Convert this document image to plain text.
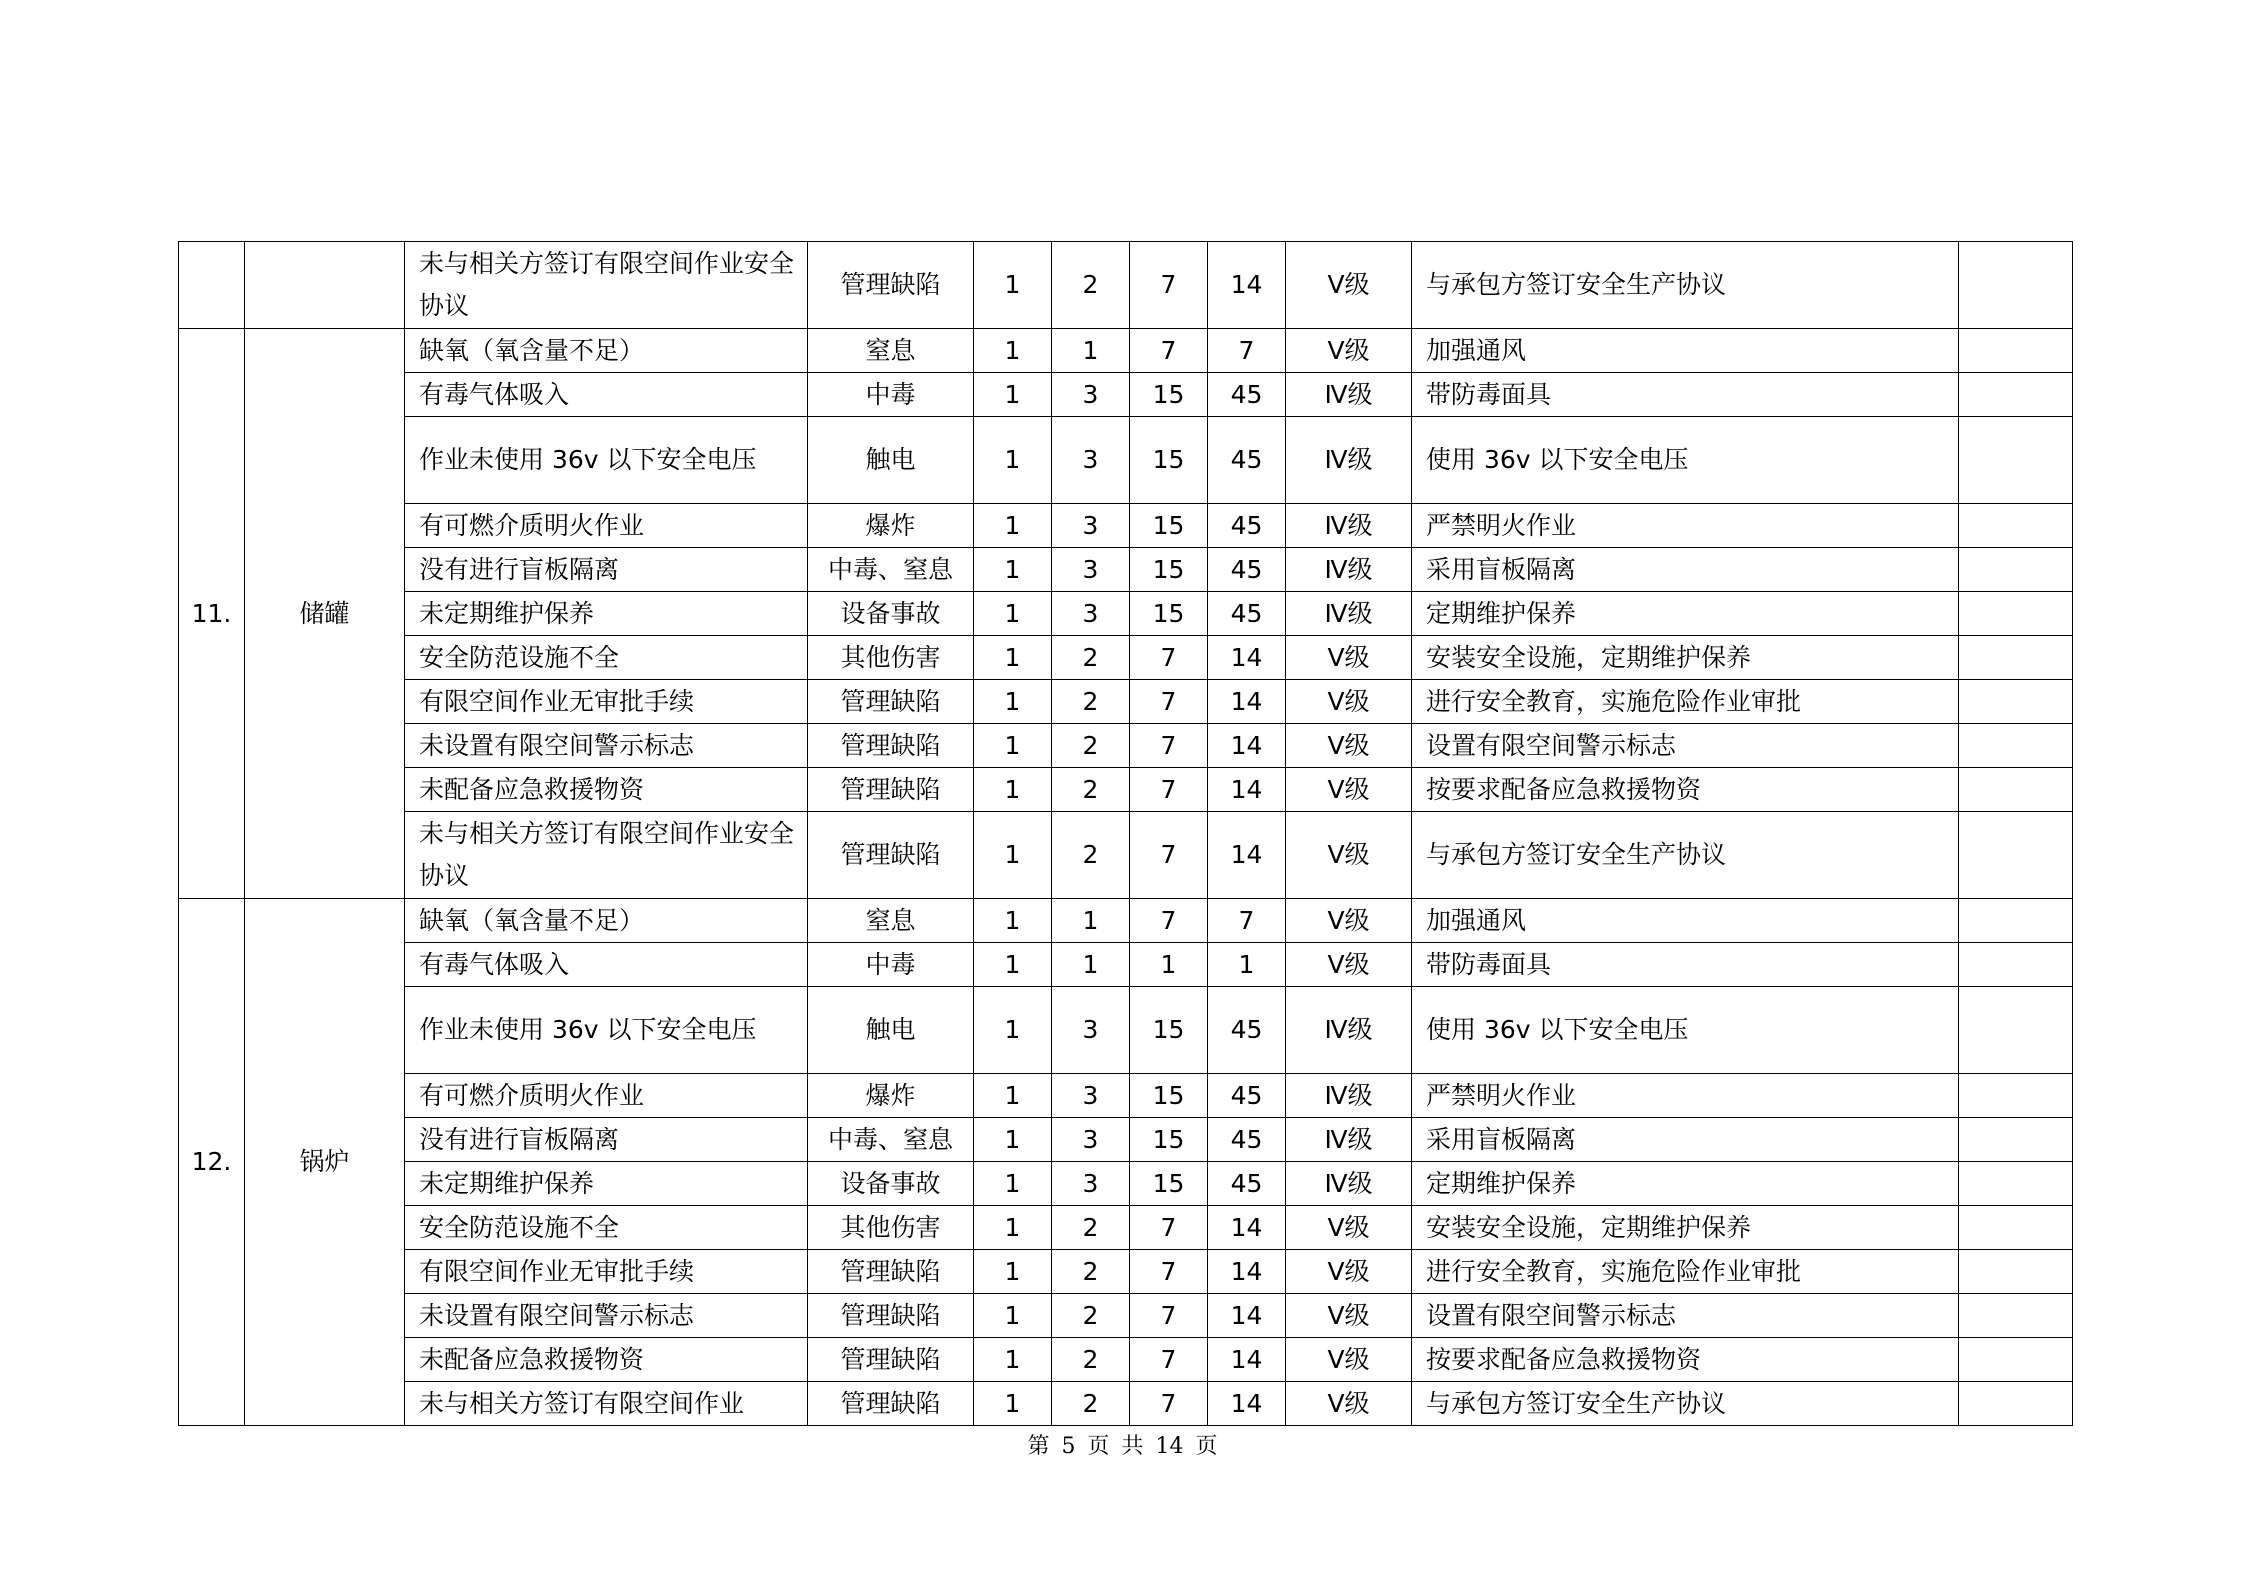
		未与相关方签订有限空间作业安全协议	管理缺陷	1	2	7	14	Ⅴ级	与承包方签订安全生产协议	
11.	储罐	缺氧（氧含量不足）	窒息	1	1	7	7	Ⅴ级	加强通风	
		有毒气体吸入	中毒	1	3	15	45	Ⅳ级	带防毒面具	
		作业未使用 36v 以下安全电压	触电	1	3	15	45	Ⅳ级	使用 36v 以下安全电压	
		有可燃介质明火作业	爆炸	1	3	15	45	Ⅳ级	严禁明火作业	
		没有进行盲板隔离	中毒、窒息	1	3	15	45	Ⅳ级	采用盲板隔离	
		未定期维护保养	设备事故	1	3	15	45	Ⅳ级	定期维护保养	
		安全防范设施不全	其他伤害	1	2	7	14	Ⅴ级	安装安全设施，定期维护保养	
		有限空间作业无审批手续	管理缺陷	1	2	7	14	Ⅴ级	进行安全教育，实施危险作业审批	
		未设置有限空间警示标志	管理缺陷	1	2	7	14	Ⅴ级	设置有限空间警示标志	
		未配备应急救援物资	管理缺陷	1	2	7	14	Ⅴ级	按要求配备应急救援物资	
		未与相关方签订有限空间作业安全协议	管理缺陷	1	2	7	14	Ⅴ级	与承包方签订安全生产协议	
12.	锅炉	缺氧（氧含量不足）	窒息	1	1	7	7	Ⅴ级	加强通风	
		有毒气体吸入	中毒	1	1	1	1	Ⅴ级	带防毒面具	
		作业未使用 36v 以下安全电压	触电	1	3	15	45	Ⅳ级	使用 36v 以下安全电压	
		有可燃介质明火作业	爆炸	1	3	15	45	Ⅳ级	严禁明火作业	
		没有进行盲板隔离	中毒、窒息	1	3	15	45	Ⅳ级	采用盲板隔离	
		未定期维护保养	设备事故	1	3	15	45	Ⅳ级	定期维护保养	
		安全防范设施不全	其他伤害	1	2	7	14	Ⅴ级	安装安全设施，定期维护保养	
		有限空间作业无审批手续	管理缺陷	1	2	7	14	Ⅴ级	进行安全教育，实施危险作业审批	
		未设置有限空间警示标志	管理缺陷	1	2	7	14	Ⅴ级	设置有限空间警示标志	
		未配备应急救援物资	管理缺陷	1	2	7	14	Ⅴ级	按要求配备应急救援物资	
		未与相关方签订有限空间作业	管理缺陷	1	2	7	14	Ⅴ级	与承包方签订安全生产协议	
第 5 页 共 14 页
